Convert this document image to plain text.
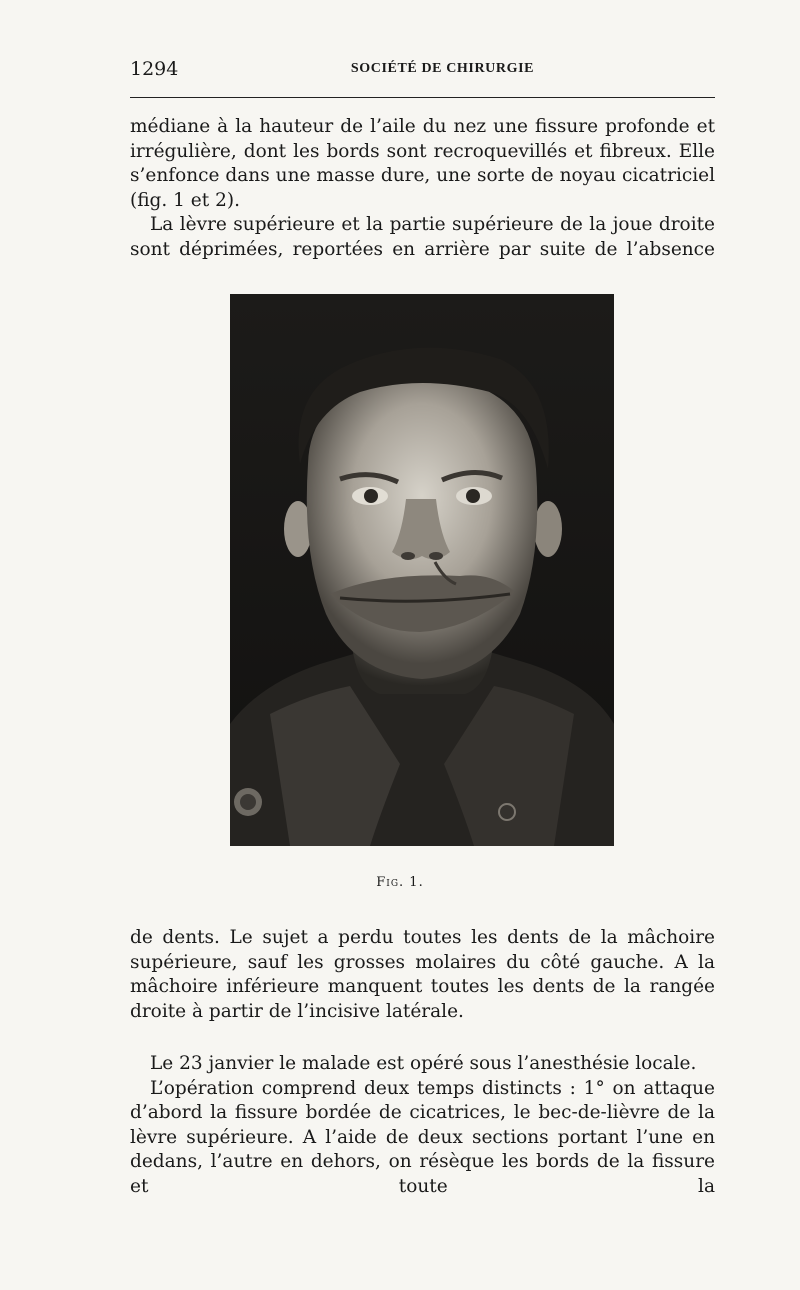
1294	SOCIÉTÉ DE CHIRURGIE

médiane à la hauteur de l’aile du nez une fissure profonde et irrégulière, dont les bords sont recroquevillés et fibreux. Elle s’enfonce dans une masse dure, une sorte de noyau cicatriciel (fig. 1 et 2).

La lèvre supérieure et la partie supérieure de la joue droite sont déprimées, reportées en arrière par suite de l’absence

Fig. 1.

de dents. Le sujet a perdu toutes les dents de la mâchoire supérieure, sauf les grosses molaires du côté gauche. A la mâchoire inférieure manquent toutes les dents de la rangée droite à partir de l’incisive latérale.

Le 23 janvier le malade est opéré sous l’anesthésie locale.

L’opération comprend deux temps distincts : 1° on attaque d’abord la fissure bordée de cicatrices, le bec-de-lièvre de la lèvre supérieure. A l’aide de deux sections portant l’une en dedans, l’autre en dehors, on résèque les bords de la fissure et toute la
